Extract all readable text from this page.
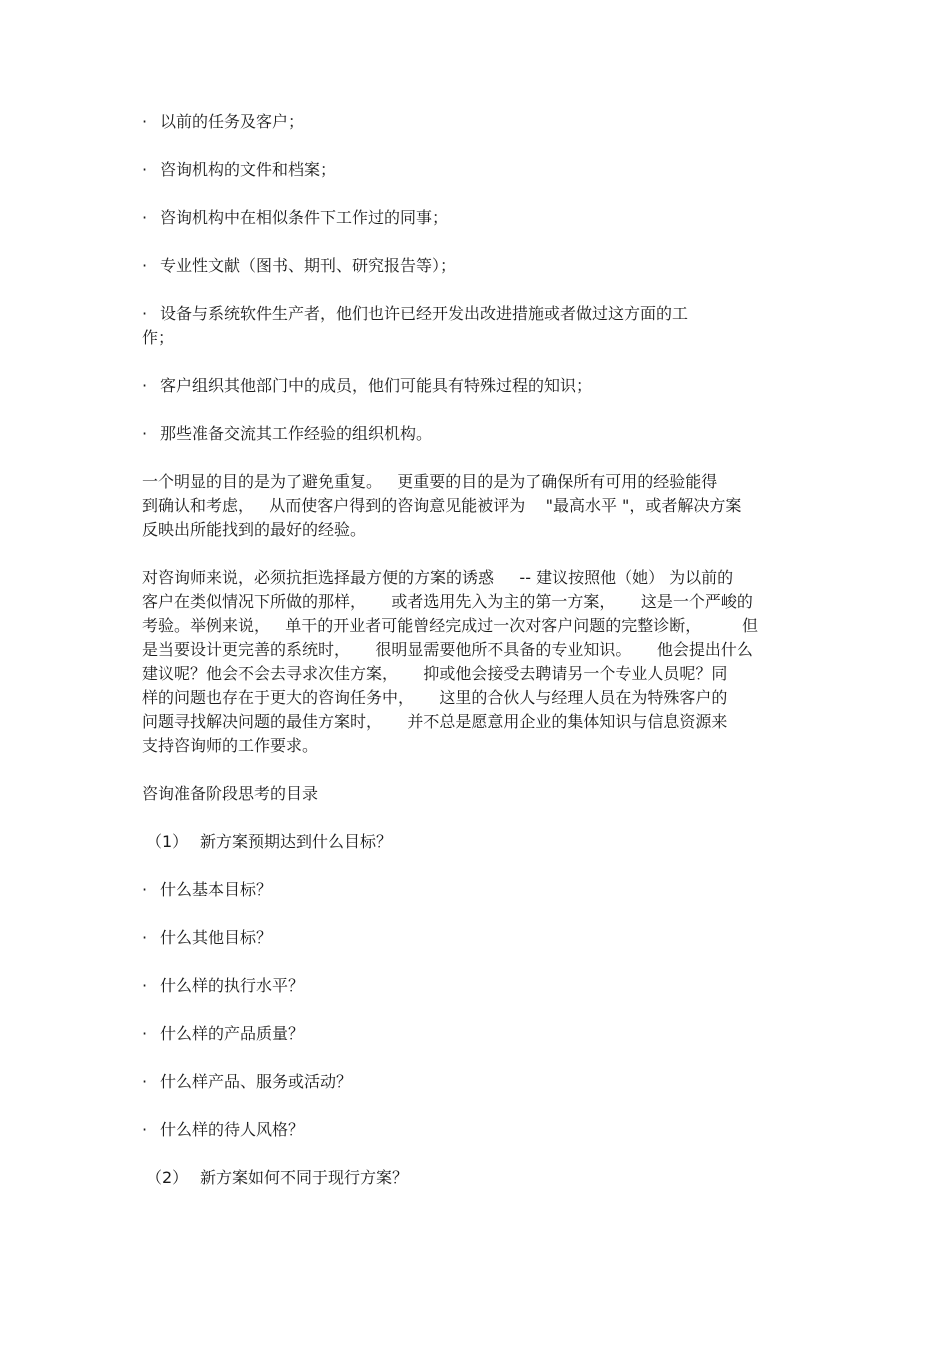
· 以前的任务及客户；
· 咨询机构的文件和档案；
· 咨询机构中在相似条件下工作过的同事；
· 专业性文献（图书、期刊、研究报告等）；
· 设备与系统软件生产者，他们也许已经开发出改进措施或者做过这方面的工
作；
· 客户组织其他部门中的成员，他们可能具有特殊过程的知识；
· 那些准备交流其工作经验的组织机构。
一个明显的目的是为了避免重复。   更重要的目的是为了确保所有可用的经验能得
到确认和考虑，   从而使客户得到的咨询意见能被评为    "最高水平 "，或者解决方案
反映出所能找到的最好的经验。
对咨询师来说，必须抗拒选择最方便的方案的诱惑     -- 建议按照他（她） 为以前的
客户在类似情况下所做的那样，     或者选用先入为主的第一方案，     这是一个严峻的
考验。举例来说，   单干的开业者可能曾经完成过一次对客户问题的完整诊断，        但
是当要设计更完善的系统时，     很明显需要他所不具备的专业知识。     他会提出什么
建议呢？他会不会去寻求次佳方案，     抑或他会接受去聘请另一个专业人员呢？同
样的问题也存在于更大的咨询任务中，     这里的合伙人与经理人员在为特殊客户的
问题寻找解决问题的最佳方案时，     并不总是愿意用企业的集体知识与信息资源来
支持咨询师的工作要求。
咨询准备阶段思考的目录
（1） 新方案预期达到什么目标？
· 什么基本目标？
· 什么其他目标？
· 什么样的执行水平？
· 什么样的产品质量？
· 什么样产品、服务或活动？
· 什么样的待人风格？
（2） 新方案如何不同于现行方案？
